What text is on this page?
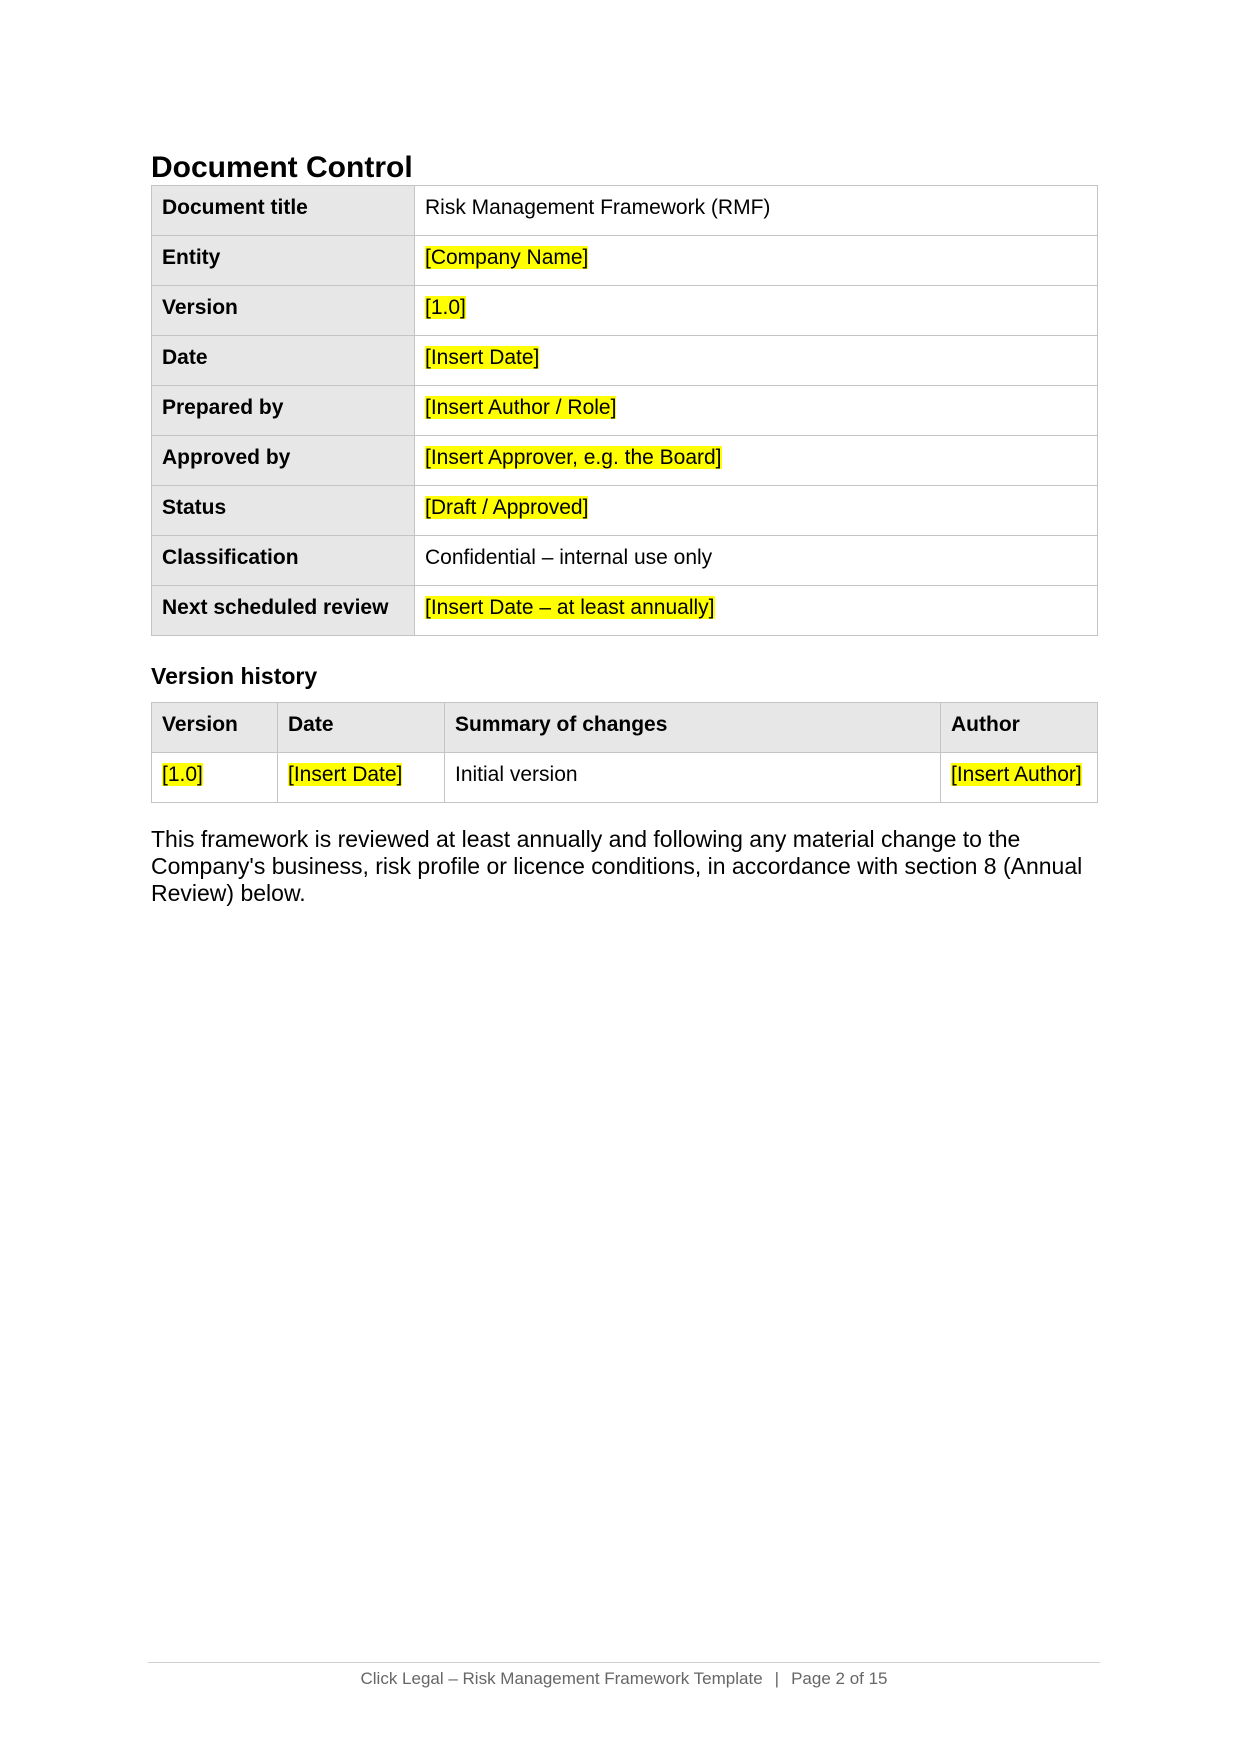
Document Control
Document title	Risk Management Framework (RMF)
Entity	[Company Name]
Version	[1.0]
Date	[Insert Date]
Prepared by	[Insert Author / Role]
Approved by	[Insert Approver, e.g. the Board]
Status	[Draft / Approved]
Classification	Confidential – internal use only
Next scheduled review	[Insert Date – at least annually]
Version history
Version	Date	Summary of changes	Author
[1.0]	[Insert Date]	Initial version	[Insert Author]

This framework is reviewed at least annually and following any material change to the Company's business, risk profile or licence conditions, in accordance with section 8 (Annual Review) below.

Click Legal – Risk Management Framework Template | Page 2 of 15
